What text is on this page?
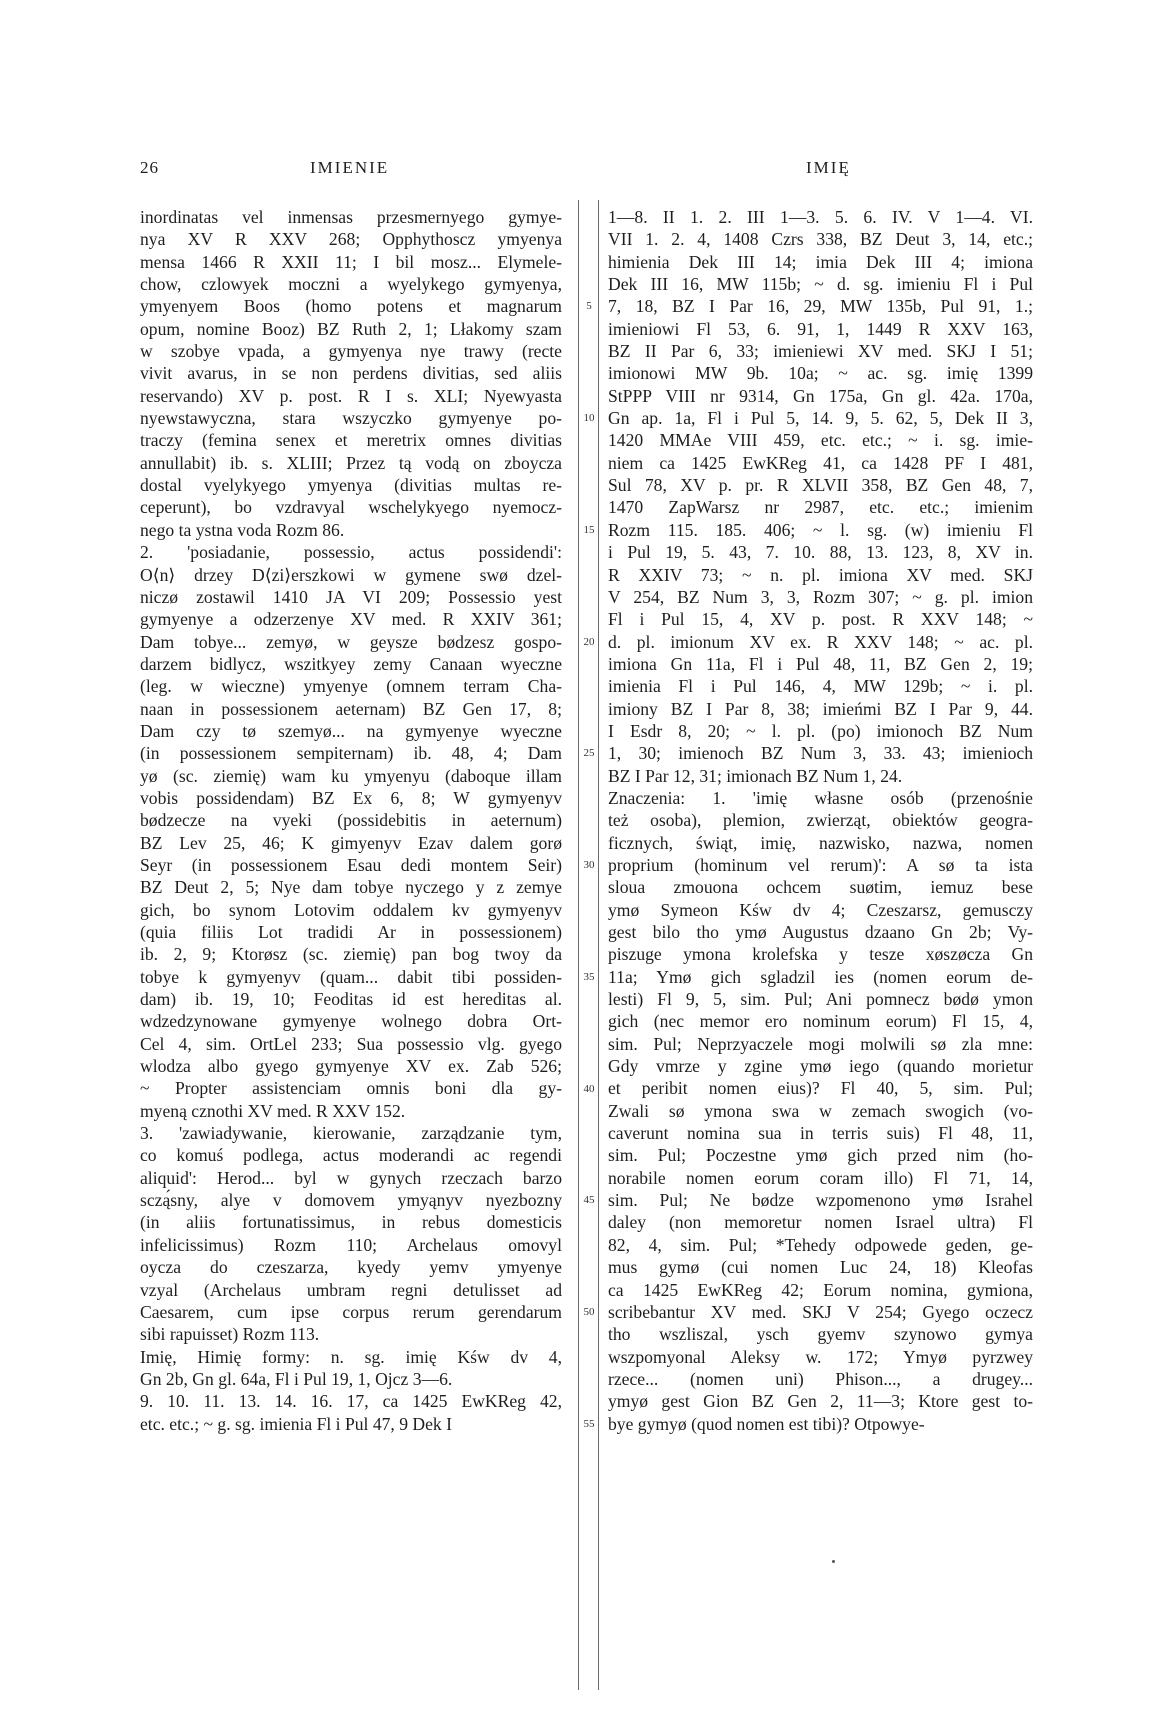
26	IMIENIE	IMIĘ
inordinatas vel inmensas przesmernyego gymye-
nya XV R XXV 268; Opphythoscz ymyenya
mensa 1466 R XXII 11; I bil mosz... Elymele-
chow, czlowyek moczni a wyelykego gymyenya,
ymyenyem Boos (homo potens et magnarum
opum, nomine Booz) BZ Ruth 2, 1; Lłakomy szam
w szobye vpada, a gymyenya nye trawy (recte
vivit avarus, in se non perdens divitias, sed aliis
reservando) XV p. post. R I s. XLI; Nyewyasta
nyewstawyczna, stara wszyczko gymyenye po-
traczy (femina senex et meretrix omnes divitias
annullabit) ib. s. XLIII; Przez tą vodą on zboycza
dostal vyelykyego ymyenya (divitias multas re-
ceperunt), bo vzdravyal wschelykyego nyemocz-
nego ta ystna voda Rozm 86.
2. 'posiadanie, possessio, actus possidendi':
O⟨n⟩ drzey D⟨zi⟩erszkowi w gymene swø dzel-
niczø zostawil 1410 JA VI 209; Possessio yest
gymyenye a odzerzenye XV med. R XXIV 361;
Dam tobye... zemyø, w geysze bødzesz gospo-
darzem bidlycz, wszitkyey zemy Canaan wyeczne
(leg. w wieczne) ymyenye (omnem terram Cha-
naan in possessionem aeternam) BZ Gen 17, 8;
Dam czy tø szemyø... na gymyenye wyeczne
(in possessionem sempiternam) ib. 48, 4; Dam
yø (sc. ziemię) wam ku ymyenyu (daboque illam
vobis possidendam) BZ Ex 6, 8; W gymyenyv
bødzecze na vyeki (possidebitis in aeternum)
BZ Lev 25, 46; K gimyenyv Ezav dalem gorø
Seyr (in possessionem Esau dedi montem Seir)
BZ Deut 2, 5; Nye dam tobye nyczego y z zemye
gich, bo synom Lotovim oddalem kv gymyenyv
(quia filiis Lot tradidi Ar in possessionem)
ib. 2, 9; Ktorøsz (sc. ziemię) pan bog twoy da
tobye k gymyenyv (quam... dabit tibi possiden-
dam) ib. 19, 10; Feoditas id est hereditas al.
wdzedzynowane gymyenye wolnego dobra Ort-
Cel 4, sim. OrtLel 233; Sua possessio vlg. gyego
wlodza albo gyego gymyenye XV ex. Zab 526;
~ Propter assistenciam omnis boni dla gy-
myeną cznothi XV med. R XXV 152.
3. 'zawiadywanie, kierowanie, zarządzanie tym,
co komuś podlega, actus moderandi ac regendi
aliquid': Herod... byl w gynych rzeczach barzo
sczą́sny, alye v domovem ymyąnyv nyezbozny
(in aliis fortunatissimus, in rebus domesticis
infelicissimus) Rozm 110; Archelaus omovyl
oycza do czeszarza, kyedy yemv ymyenye
vzyal (Archelaus umbram regni detulisset ad
Caesarem, cum ipse corpus rerum gerendarum
sibi rapuisset) Rozm 113.
Imię, Himię formy: n. sg. imię Kśw dv 4,
Gn 2b, Gn gl. 64a, Fl i Pul 19, 1, Ojcz 3—6.
9. 10. 11. 13. 14. 16. 17, ca 1425 EwKReg 42,
etc. etc.; ~ g. sg. imienia Fl i Pul 47, 9 Dek I
1—8. II 1. 2. III 1—3. 5. 6. IV. V 1—4. VI.
VII 1. 2. 4, 1408 Czrs 338, BZ Deut 3, 14, etc.;
himienia Dek III 14; imia Dek III 4; imiona
Dek III 16, MW 115b; ~ d. sg. imieniu Fl i Pul
7, 18, BZ I Par 16, 29, MW 135b, Pul 91, 1.;
imieniowi Fl 53, 6. 91, 1, 1449 R XXV 163,
BZ II Par 6, 33; imieniewi XV med. SKJ I 51;
imionowi MW 9b. 10a; ~ ac. sg. imię 1399
StPPP VIII nr 9314, Gn 175a, Gn gl. 42a. 170a,
Gn ap. 1a, Fl i Pul 5, 14. 9, 5. 62, 5, Dek II 3,
1420 MMAe VIII 459, etc. etc.; ~ i. sg. imie-
niem ca 1425 EwKReg 41, ca 1428 PF I 481,
Sul 78, XV p. pr. R XLVII 358, BZ Gen 48, 7,
1470 ZapWarsz nr 2987, etc. etc.; imienim
Rozm 115. 185. 406; ~ l. sg. (w) imieniu Fl
i Pul 19, 5. 43, 7. 10. 88, 13. 123, 8, XV in.
R XXIV 73; ~ n. pl. imiona XV med. SKJ
V 254, BZ Num 3, 3, Rozm 307; ~ g. pl. imion
Fl i Pul 15, 4, XV p. post. R XXV 148; ~
d. pl. imionum XV ex. R XXV 148; ~ ac. pl.
imiona Gn 11a, Fl i Pul 48, 11, BZ Gen 2, 19;
imienia Fl i Pul 146, 4, MW 129b; ~ i. pl.
imiony BZ I Par 8, 38; imieńmi BZ I Par 9, 44.
I Esdr 8, 20; ~ l. pl. (po) imionoch BZ Num
1, 30; imienoch BZ Num 3, 33. 43; imienioch
BZ I Par 12, 31; imionach BZ Num 1, 24.
Znaczenia: 1. 'imię własne osób (przenośnie
też osoba), plemion, zwierząt, obiektów geogra-
ficznych, świąt, imię, nazwisko, nazwa, nomen
proprium (hominum vel rerum)': A sø ta ista
sloua zmouona ochcem suøtim, iemuz bese
ymø Symeon Kśw dv 4; Czeszarsz, gemusczy
gest bilo tho ymø Augustus dzaano Gn 2b; Vy-
piszuge ymona krolefska y tesze xøszøcza Gn
11a; Ymø gich sgladzil ies (nomen eorum de-
lesti) Fl 9, 5, sim. Pul; Ani pomnecz bødø ymon
gich (nec memor ero nominum eorum) Fl 15, 4,
sim. Pul; Neprzyaczele mogi molwili sø zla mne:
Gdy vmrze y zgine ymø iego (quando morietur
et peribit nomen eius)? Fl 40, 5, sim. Pul;
Zwali sø ymona swa w zemach swogich (vo-
caverunt nomina sua in terris suis) Fl 48, 11,
sim. Pul; Poczestne ymø gich przed nim (ho-
norabile nomen eorum coram illo) Fl 71, 14,
sim. Pul; Ne bødze wzpomenono ymø Israhel
daley (non memoretur nomen Israel ultra) Fl
82, 4, sim. Pul; *Tehedy odpowede geden, ge-
mus gymø (cui nomen Luc 24, 18) Kleofas
ca 1425 EwKReg 42; Eorum nomina, gymiona,
scribebantur XV med. SKJ V 254; Gyego oczecz
tho wszliszal, ysch gyemv szynowo gymya
wszpomyonal Aleksy w. 172; Ymyø pyrzwey
rzece... (nomen uni) Phison..., a drugey...
ymyø gest Gion BZ Gen 2, 11—3; Ktore gest to-
bye gymyø (quod nomen est tibi)? Otpowye-
5
10
15
20
25
30
35
40
45
50
55
